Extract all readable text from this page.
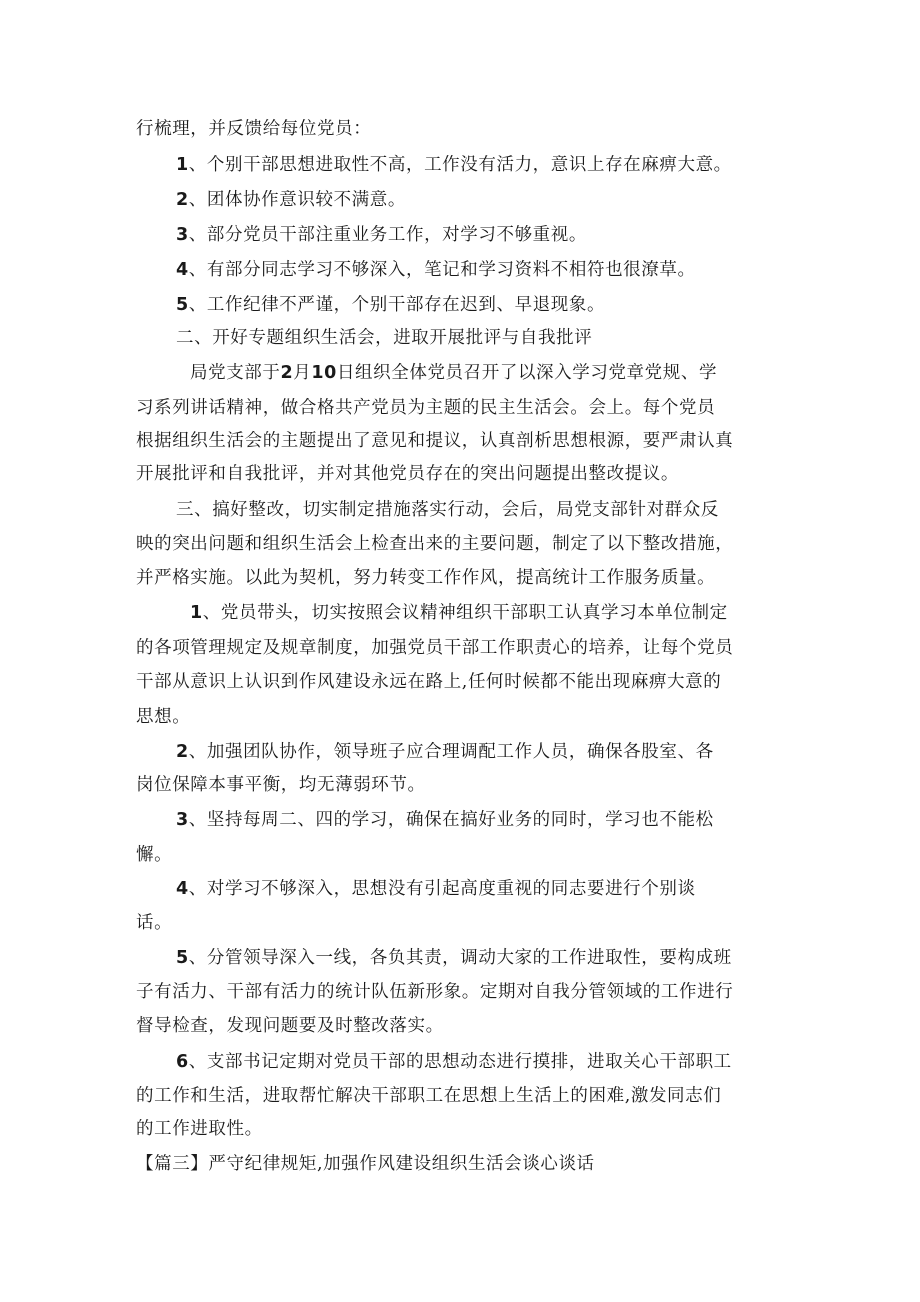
行梳理，并反馈给每位党员：
1、个别干部思想进取性不高，工作没有活力，意识上存在麻痹大意。
2、团体协作意识较不满意。
3、部分党员干部注重业务工作，对学习不够重视。
4、有部分同志学习不够深入，笔记和学习资料不相符也很潦草。
5、工作纪律不严谨，个别干部存在迟到、早退现象。
二、开好专题组织生活会，进取开展批评与自我批评
局党支部于2月10日组织全体党员召开了以深入学习党章党规、学
习系列讲话精神，做合格共产党员为主题的民主生活会。会上。每个党员
根据组织生活会的主题提出了意见和提议，认真剖析思想根源，要严肃认真
开展批评和自我批评，并对其他党员存在的突出问题提出整改提议。
三、搞好整改，切实制定措施落实行动，会后，局党支部针对群众反
映的突出问题和组织生活会上检查出来的主要问题，制定了以下整改措施，
并严格实施。以此为契机，努力转变工作作风，提高统计工作服务质量。
1、党员带头，切实按照会议精神组织干部职工认真学习本单位制定
的各项管理规定及规章制度，加强党员干部工作职责心的培养，让每个党员
干部从意识上认识到作风建设永远在路上,任何时候都不能出现麻痹大意的
思想。
2、加强团队协作，领导班子应合理调配工作人员，确保各股室、各
岗位保障本事平衡，均无薄弱环节。
3、坚持每周二、四的学习，确保在搞好业务的同时，学习也不能松
懈。
4、对学习不够深入，思想没有引起高度重视的同志要进行个别谈
话。
5、分管领导深入一线，各负其责，调动大家的工作进取性，要构成班
子有活力、干部有活力的统计队伍新形象。定期对自我分管领域的工作进行
督导检查，发现问题要及时整改落实。
6、支部书记定期对党员干部的思想动态进行摸排，进取关心干部职工
的工作和生活，进取帮忙解决干部职工在思想上生活上的困难,激发同志们
的工作进取性。
【篇三】严守纪律规矩,加强作风建设组织生活会谈心谈话
